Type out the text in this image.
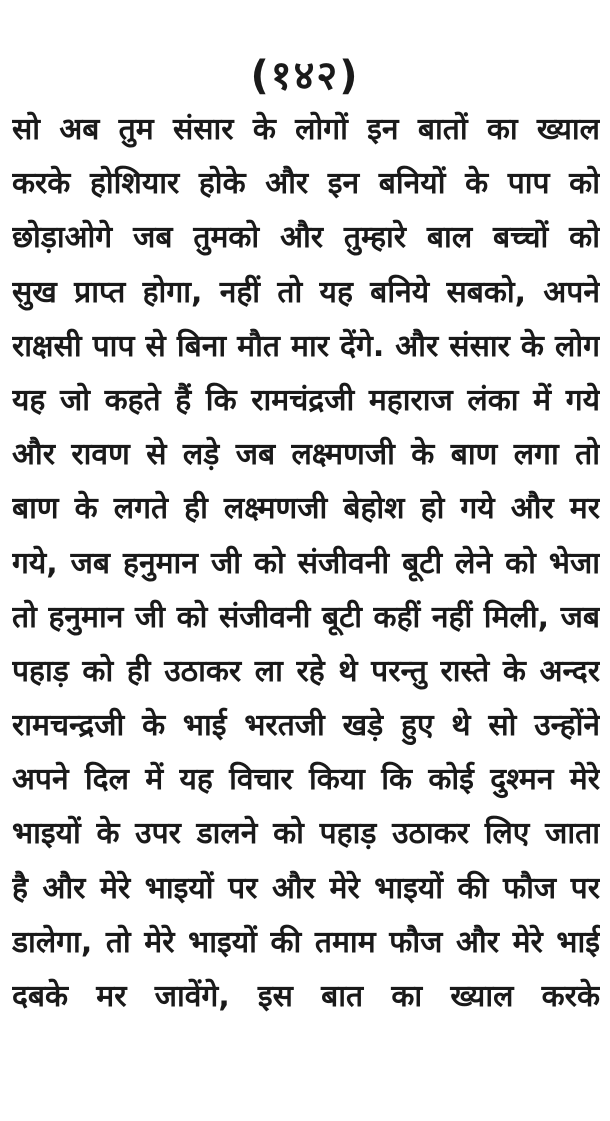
(१४२)
सो अब तुम संसार के लोगों इन बातों का ख्याल
करके होशियार होके और इन बनियों के पाप को
छोड़ाओगे जब तुमको और तुम्हारे बाल बच्चों को
सुख प्राप्त होगा, नहीं तो यह बनिये सबको, अपने
राक्षसी पाप से बिना मौत मार देंगे. और संसार के लोग
यह जो कहते हैं कि रामचंद्रजी महाराज लंका में गये
और रावण से लड़े जब लक्ष्मणजी के बाण लगा तो
बाण के लगते ही लक्ष्मणजी बेहोश हो गये और मर
गये, जब हनुमान जी को संजीवनी बूटी लेने को भेजा
तो हनुमान जी को संजीवनी बूटी कहीं नहीं मिली, जब
पहाड़ को ही उठाकर ला रहे थे परन्तु रास्ते के अन्दर
रामचन्द्रजी के भाई भरतजी खड़े हुए थे सो उन्होंने
अपने दिल में यह विचार किया कि कोई दुश्मन मेरे
भाइयों के उपर डालने को पहाड़ उठाकर लिए जाता
है और मेरे भाइयों पर और मेरे भाइयों की फौज पर
डालेगा, तो मेरे भाइयों की तमाम फौज और मेरे भाई
दबके मर जावेंगे, इस बात का ख्याल करके
